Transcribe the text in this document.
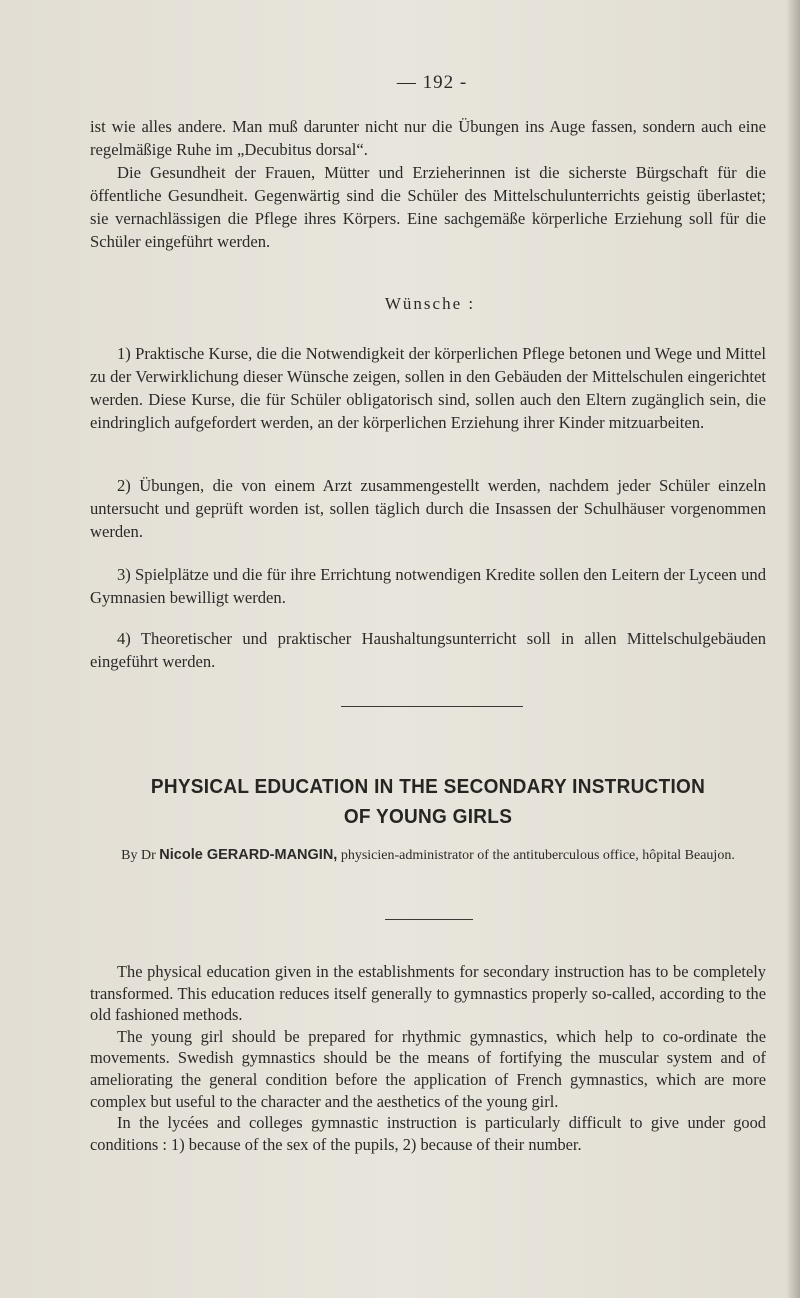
— 192 -

ist wie alles andere. Man muß darunter nicht nur die Übungen ins Auge fassen, sondern auch eine regelmäßige Ruhe im „Decubitus dorsal“.

Die Gesundheit der Frauen, Mütter und Erzieherinnen ist die sicherste Bürgschaft für die öffentliche Gesundheit. Gegenwärtig sind die Schüler des Mittelschulunterrichts geistig überlastet; sie vernachlässigen die Pflege ihres Körpers. Eine sachgemäße körperliche Erziehung soll für die Schüler eingeführt werden.

Wünsche :

1) Praktische Kurse, die die Notwendigkeit der körperlichen Pflege betonen und Wege und Mittel zu der Verwirklichung dieser Wünsche zeigen, sollen in den Gebäuden der Mittelschulen eingerichtet werden. Diese Kurse, die für Schüler obligatorisch sind, sollen auch den Eltern zugänglich sein, die eindringlich aufgefordert werden, an der körperlichen Erziehung ihrer Kinder mitzuarbeiten.

2) Übungen, die von einem Arzt zusammengestellt werden, nachdem jeder Schüler einzeln untersucht und geprüft worden ist, sollen täglich durch die Insassen der Schulhäuser vorgenommen werden.

3) Spielplätze und die für ihre Errichtung notwendigen Kredite sollen den Leitern der Lyceen und Gymnasien bewilligt werden.

4) Theoretischer und praktischer Haushaltungsunterricht soll in allen Mittelschulgebäuden eingeführt werden.

PHYSICAL EDUCATION IN THE SECONDARY INSTRUCTION
OF YOUNG GIRLS
By Dr Nicole GERARD-MANGIN, physicien-administrator of the antituberculous office, hôpital Beaujon.

The physical education given in the establishments for secondary instruction has to be completely transformed. This education reduces itself generally to gymnastics properly so-called, according to the old fashioned methods.

The young girl should be prepared for rhythmic gymnastics, which help to co-ordinate the movements. Swedish gymnastics should be the means of fortifying the muscular system and of ameliorating the general condition before the application of French gymnastics, which are more complex but useful to the character and the aesthetics of the young girl.

In the lycées and colleges gymnastic instruction is particularly difficult to give under good conditions : 1) because of the sex of the pupils, 2) because of their number.
